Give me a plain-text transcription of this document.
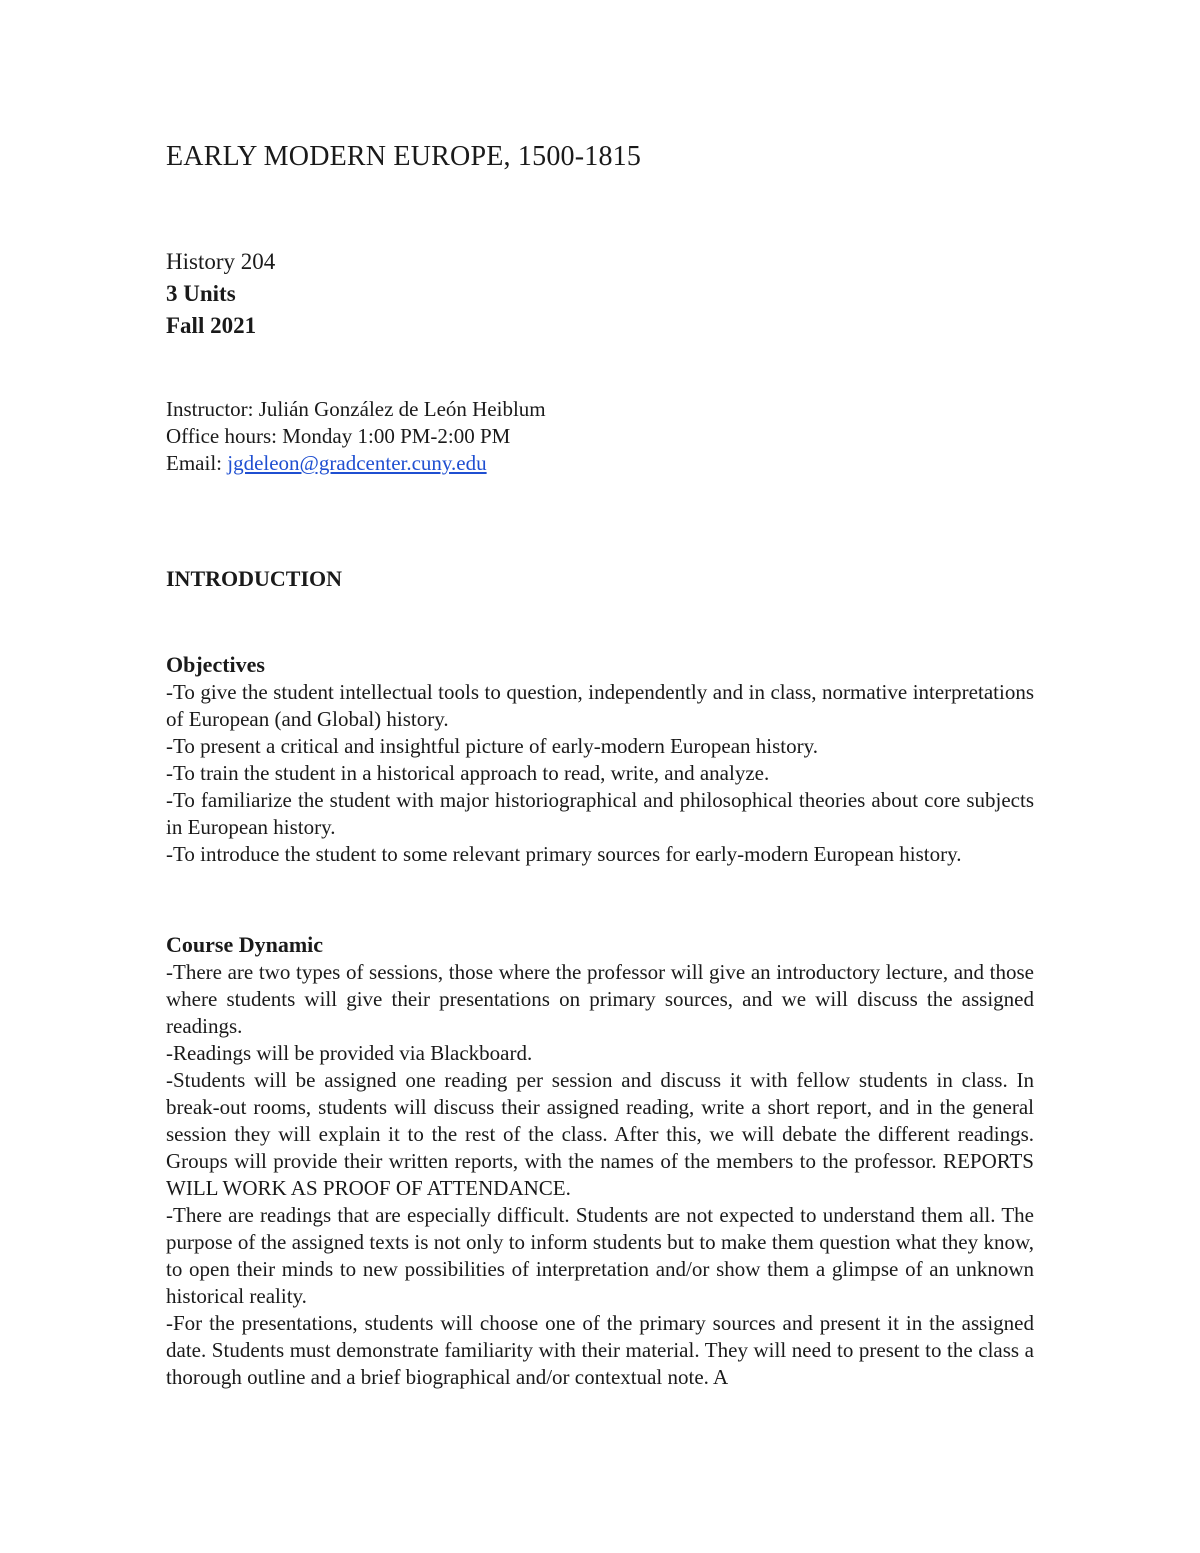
EARLY MODERN EUROPE, 1500-1815
History 204
3 Units
Fall 2021
Instructor: Julián González de León Heiblum
Office hours: Monday 1:00 PM-2:00 PM
Email: jgdeleon@gradcenter.cuny.edu
INTRODUCTION
Objectives

-To give the student intellectual tools to question, independently and in class, normative interpretations of European (and Global) history.

-To present a critical and insightful picture of early-modern European history.

-To train the student in a historical approach to read, write, and analyze.

-To familiarize the student with major historiographical and philosophical theories about core subjects in European history.

-To introduce the student to some relevant primary sources for early-modern European history.

Course Dynamic

-There are two types of sessions, those where the professor will give an introductory lecture, and those where students will give their presentations on primary sources, and we will discuss the assigned readings.

-Readings will be provided via Blackboard.

-Students will be assigned one reading per session and discuss it with fellow students in class. In break-out rooms, students will discuss their assigned reading, write a short report, and in the general session they will explain it to the rest of the class. After this, we will debate the different readings. Groups will provide their written reports, with the names of the members to the professor. REPORTS WILL WORK AS PROOF OF ATTENDANCE.

-There are readings that are especially difficult. Students are not expected to understand them all. The purpose of the assigned texts is not only to inform students but to make them question what they know, to open their minds to new possibilities of interpretation and/or show them a glimpse of an unknown historical reality.

-For the presentations, students will choose one of the primary sources and present it in the assigned date. Students must demonstrate familiarity with their material. They will need to present to the class a thorough outline and a brief biographical and/or contextual note. A
